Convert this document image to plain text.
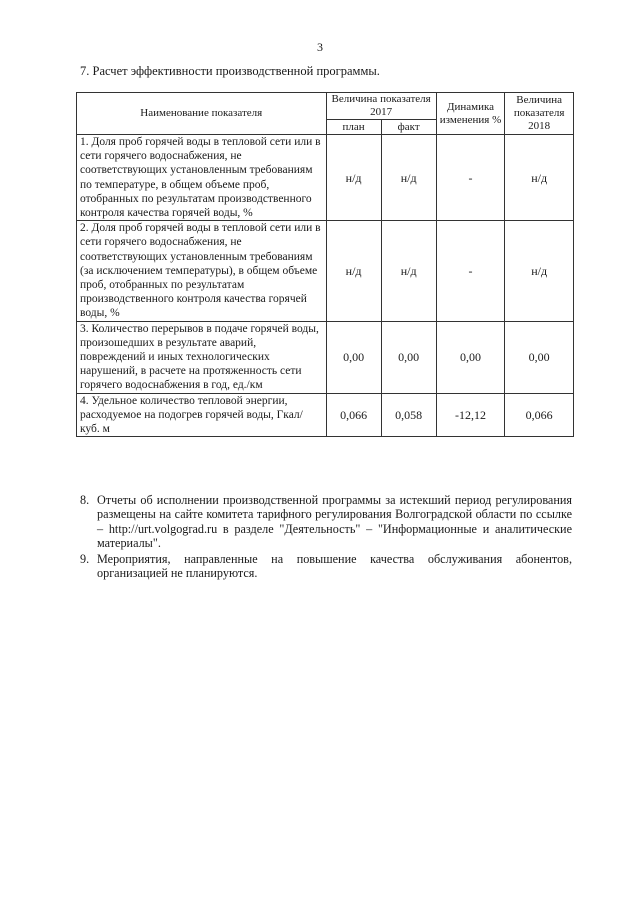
3
7. Расчет эффективности производственной программы.
Наименование показателя	Величина показателя 2017		Динамика изменения %	Величина показателя 2018
	план	факт		
1. Доля проб горячей воды в тепловой сети или в сети горячего водоснабжения, не соответствующих установленным требованиям по температуре, в общем объеме проб, отобранных по результатам производственного контроля качества горячей воды, %	н/д	н/д	-	н/д
2. Доля проб горячей воды в тепловой сети или в сети горячего водоснабжения, не соответствующих установленным требованиям (за исключением температуры), в общем объеме проб, отобранных по результатам производственного контроля качества горячей воды, %	н/д	н/д	-	н/д
3. Количество перерывов в подаче горячей воды, произошедших в результате аварий, повреждений и иных технологических нарушений, в расчете на протяженность сети горячего водоснабжения в год, ед./км	0,00	0,00	0,00	0,00
4. Удельное количество тепловой энергии, расходуемое на подогрев горячей воды, Гкал/куб. м	0,066	0,058	-12,12	0,066
8. Отчеты об исполнении производственной программы за истекший период регулирования размещены на сайте комитета тарифного регулирования Волгоградской области по ссылке – http://urt.volgograd.ru в разделе "Деятельность" – "Информационные и аналитические материалы".
9. Мероприятия, направленные на повышение качества обслуживания абонентов, организацией не планируются.
